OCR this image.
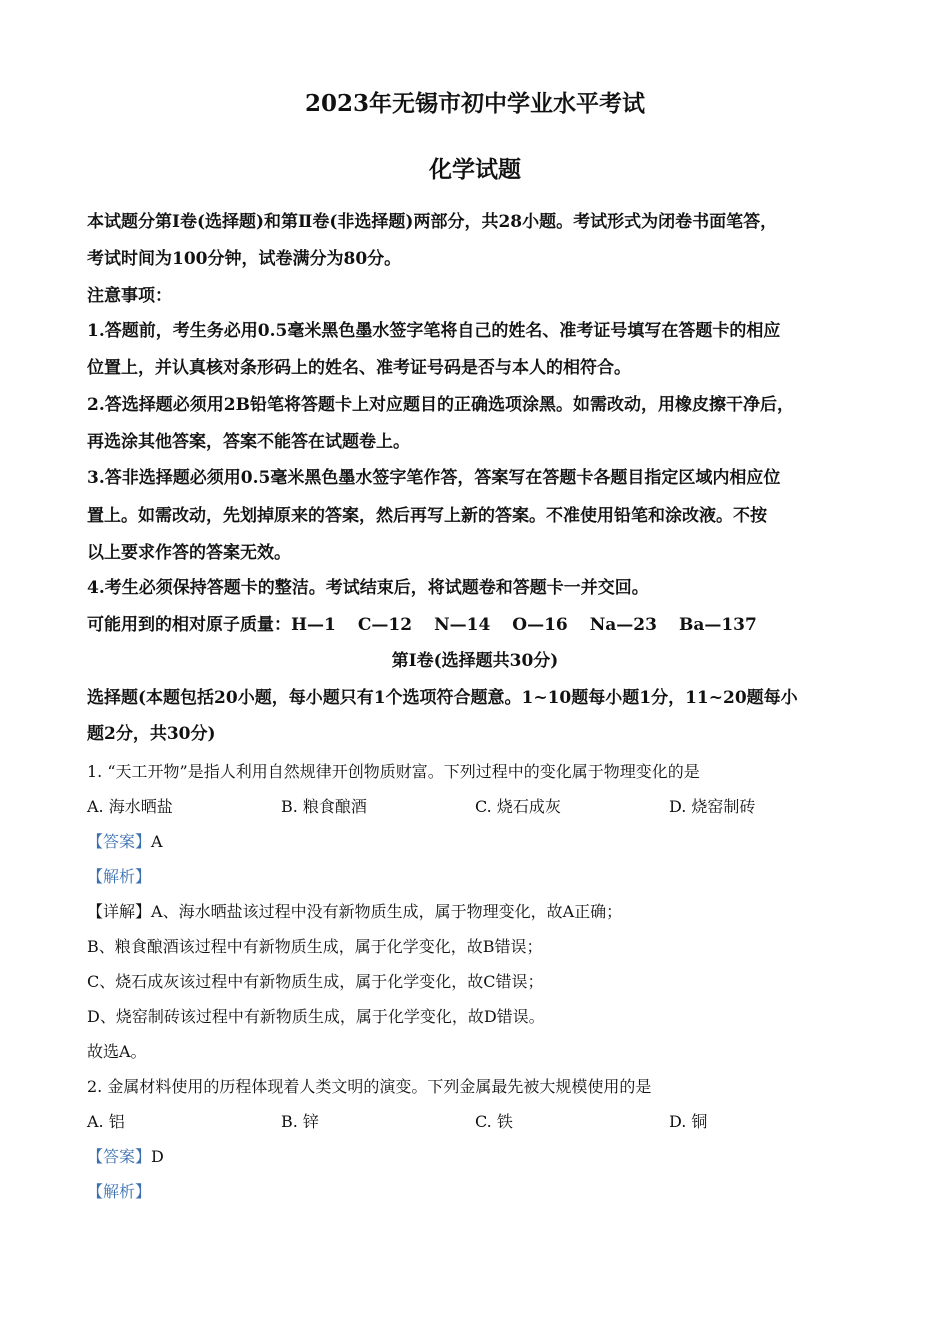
2023年无锡市初中学业水平考试
化学试题
本试题分第Ⅰ卷(选择题)和第Ⅱ卷(非选择题)两部分，共28小题。考试形式为闭卷书面笔答，
考试时间为100分钟，试卷满分为80分。
注意事项：
1.答题前，考生务必用0.5毫米黑色墨水签字笔将自己的姓名、准考证号填写在答题卡的相应
位置上，并认真核对条形码上的姓名、准考证号码是否与本人的相符合。
2.答选择题必须用2B铅笔将答题卡上对应题目的正确选项涂黑。如需改动，用橡皮擦干净后，
再选涂其他答案，答案不能答在试题卷上。
3.答非选择题必须用0.5毫米黑色墨水签字笔作答，答案写在答题卡各题目指定区域内相应位
置上。如需改动，先划掉原来的答案，然后再写上新的答案。不准使用铅笔和涂改液。不按
以上要求作答的答案无效。
4.考生必须保持答题卡的整洁。考试结束后，将试题卷和答题卡一并交回。
可能用到的相对原子质量：H—1 C—12 N—14 O—16 Na—23 Ba—137
第Ⅰ卷(选择题共30分)
选择题(本题包括20小题，每小题只有1个选项符合题意。1~10题每小题1分，11~20题每小
题2分，共30分)
1. “天工开物”是指人利用自然规律开创物质财富。下列过程中的变化属于物理变化的是
A. 海水晒盐	B. 粮食酿酒	C. 烧石成灰	D. 烧窑制砖
【答案】A
【解析】
【详解】A、海水晒盐该过程中没有新物质生成，属于物理变化，故A正确；
B、粮食酿酒该过程中有新物质生成，属于化学变化，故B错误；
C、烧石成灰该过程中有新物质生成，属于化学变化，故C错误；
D、烧窑制砖该过程中有新物质生成，属于化学变化，故D错误。
故选A。
2. 金属材料使用的历程体现着人类文明的演变。下列金属最先被大规模使用的是
A. 铝	B. 锌	C. 铁	D. 铜
【答案】D
【解析】
